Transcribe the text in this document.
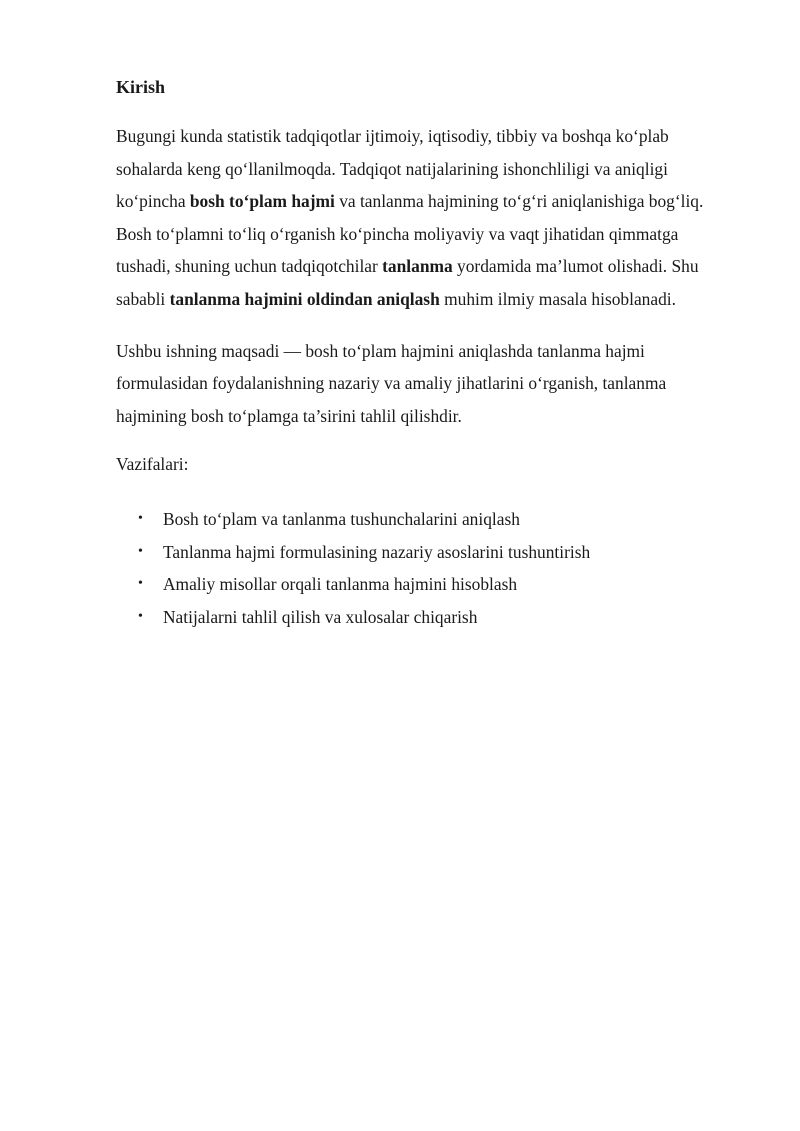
Kirish

Bugungi kunda statistik tadqiqotlar ijtimoiy, iqtisodiy, tibbiy va boshqa ko‘plab sohalarda keng qo‘llanilmoqda. Tadqiqot natijalarining ishonchliligi va aniqligi ko‘pincha bosh to‘plam hajmi va tanlanma hajmining to‘g‘ri aniqlanishiga bog‘liq. Bosh to‘plamni to‘liq o‘rganish ko‘pincha moliyaviy va vaqt jihatidan qimmatga tushadi, shuning uchun tadqiqotchilar tanlanma yordamida ma’lumot olishadi. Shu sababli tanlanma hajmini oldindan aniqlash muhim ilmiy masala hisoblanadi.

Ushbu ishning maqsadi — bosh to‘plam hajmini aniqlashda tanlanma hajmi formulasidan foydalanishning nazariy va amaliy jihatlarini o‘rganish, tanlanma hajmining bosh to‘plamga ta’sirini tahlil qilishdir.

Vazifalari:
• Bosh to‘plam va tanlanma tushunchalarini aniqlash
• Tanlanma hajmi formulasining nazariy asoslarini tushuntirish
• Amaliy misollar orqali tanlanma hajmini hisoblash
• Natijalarni tahlil qilish va xulosalar chiqarish
